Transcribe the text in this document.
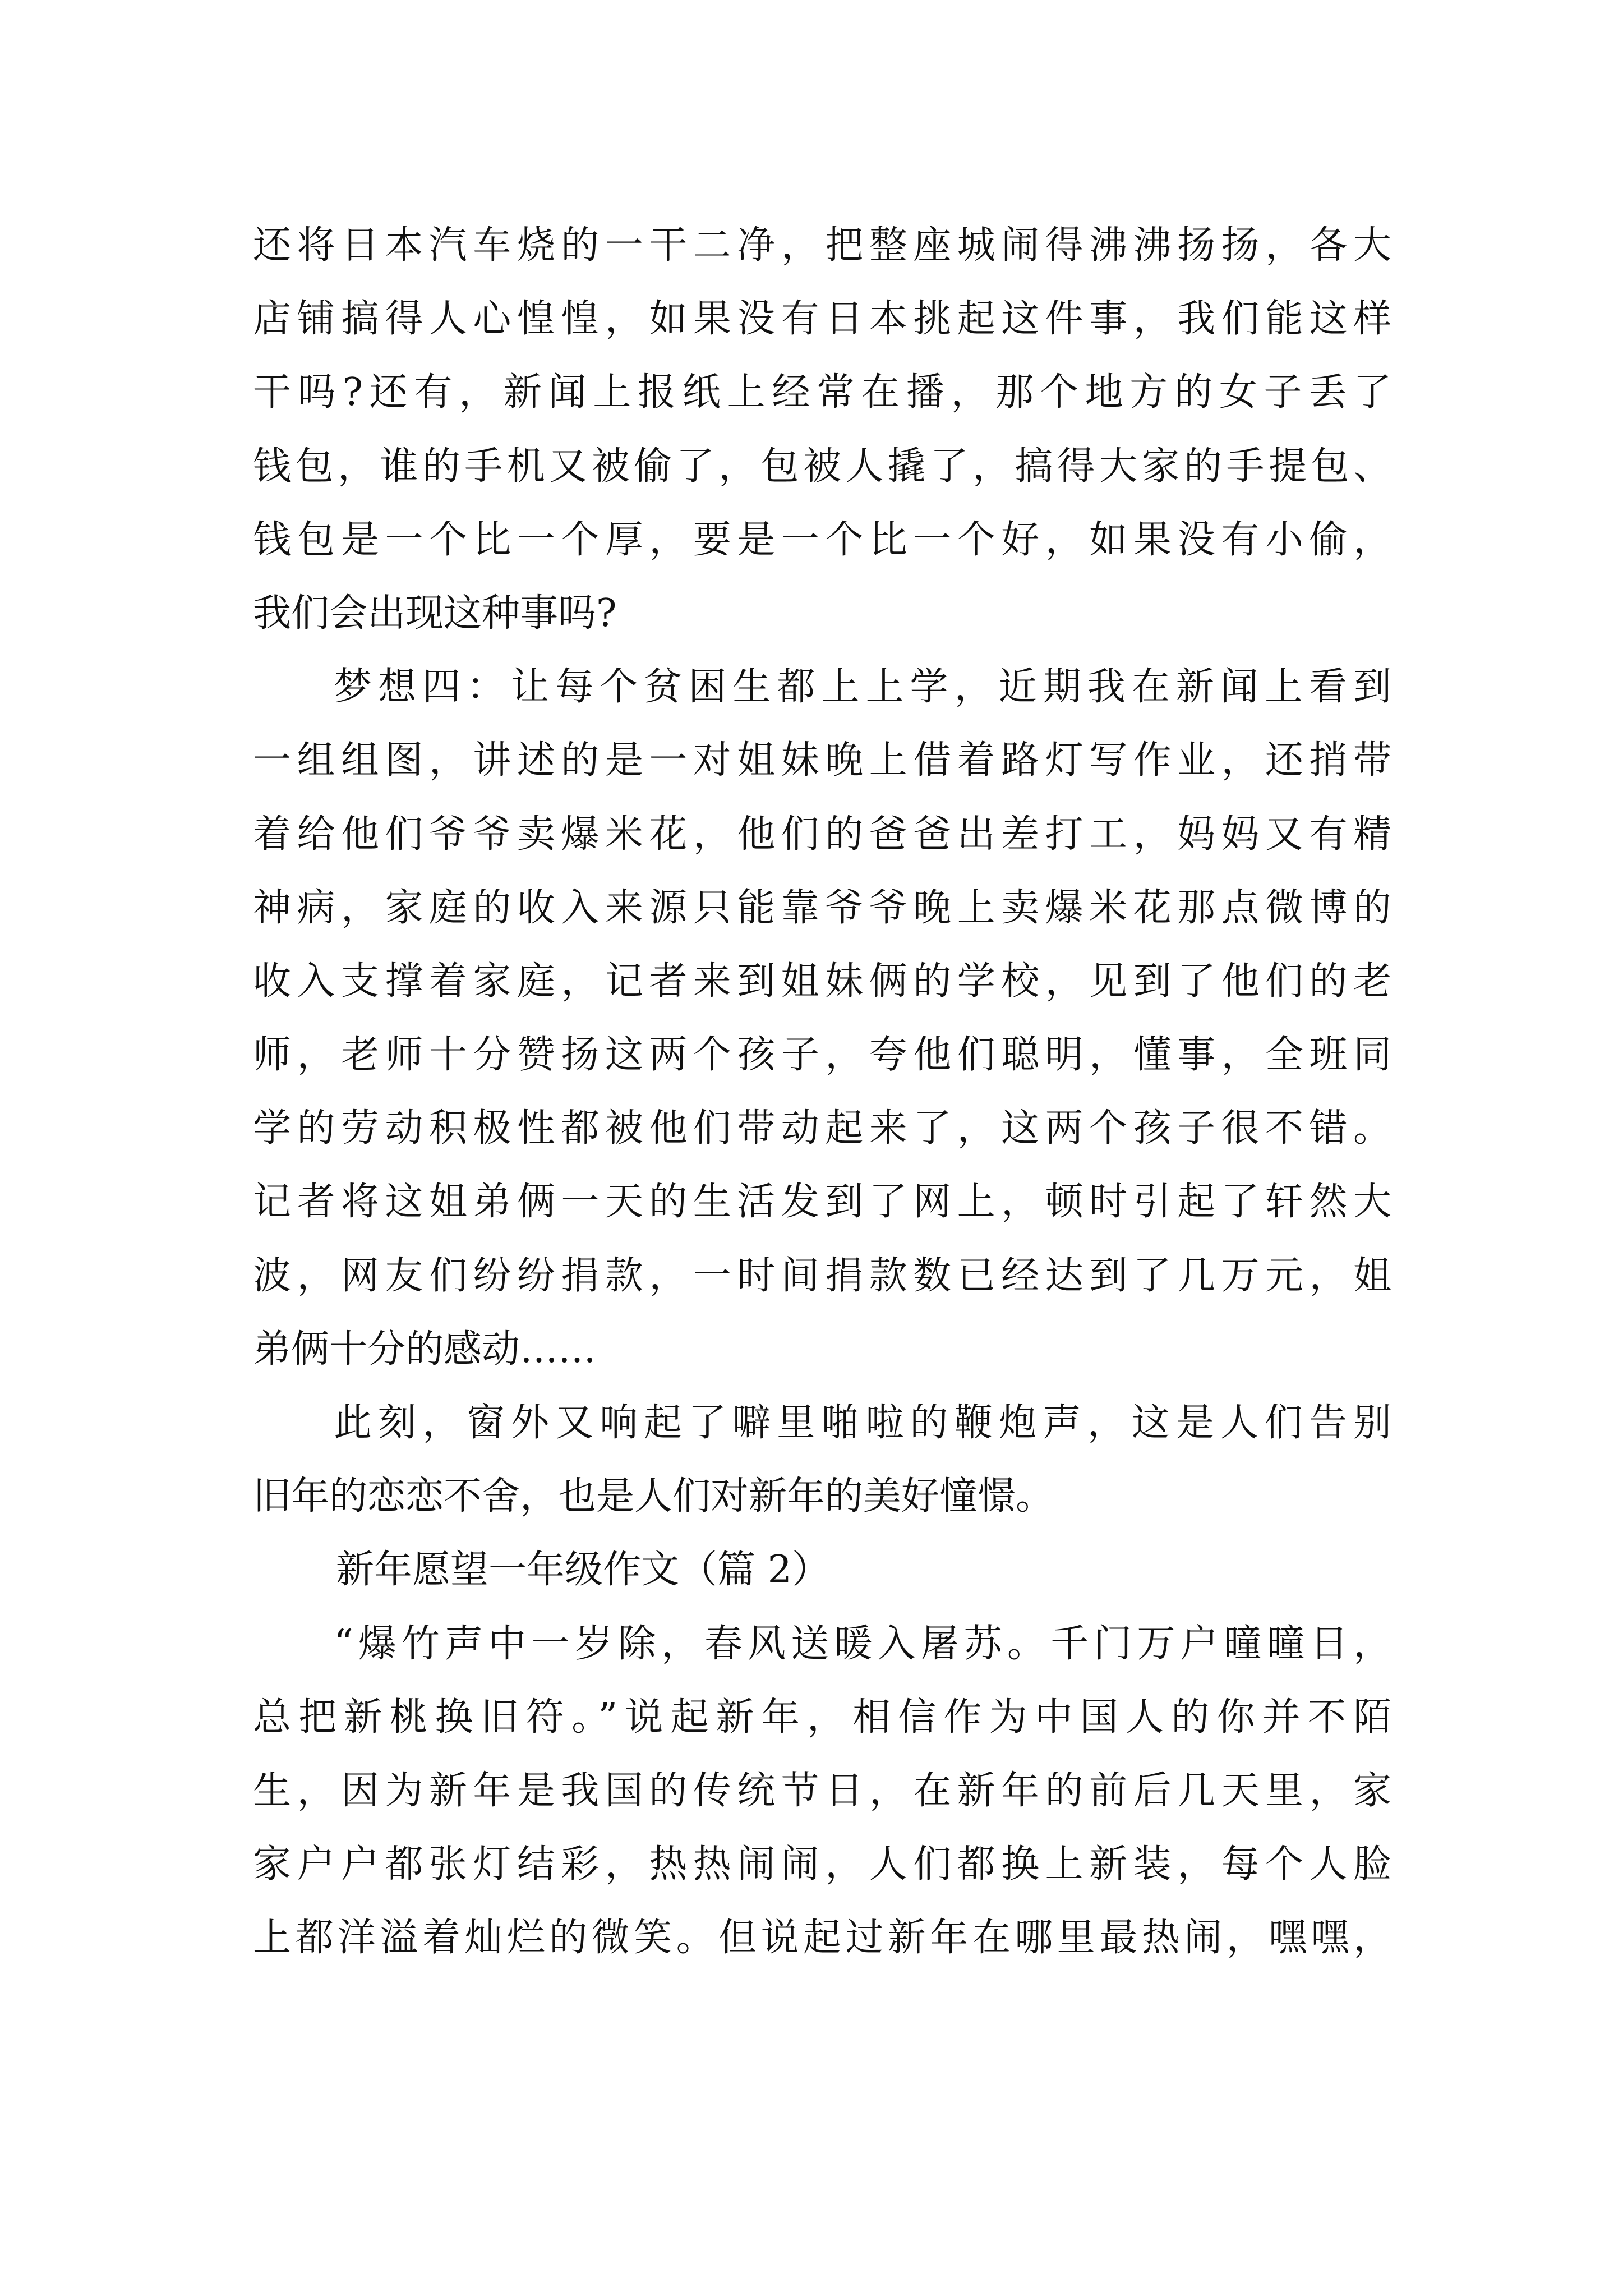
还将日本汽车烧的一干二净，把整座城闹得沸沸扬扬，各大
店铺搞得人心惶惶，如果没有日本挑起这件事，我们能这样
干吗?还有，新闻上报纸上经常在播，那个地方的女子丢了
钱包，谁的手机又被偷了，包被人撬了，搞得大家的手提包、
钱包是一个比一个厚，要是一个比一个好，如果没有小偷，
我们会出现这种事吗?
梦想四：让每个贫困生都上上学，近期我在新闻上看到
一组组图，讲述的是一对姐妹晚上借着路灯写作业，还捎带
着给他们爷爷卖爆米花，他们的爸爸出差打工，妈妈又有精
神病，家庭的收入来源只能靠爷爷晚上卖爆米花那点微博的
收入支撑着家庭，记者来到姐妹俩的学校，见到了他们的老
师，老师十分赞扬这两个孩子，夸他们聪明，懂事，全班同
学的劳动积极性都被他们带动起来了，这两个孩子很不错。
记者将这姐弟俩一天的生活发到了网上，顿时引起了轩然大
波，网友们纷纷捐款，一时间捐款数已经达到了几万元，姐
弟俩十分的感动……
此刻，窗外又响起了噼里啪啦的鞭炮声，这是人们告别
旧年的恋恋不舍，也是人们对新年的美好憧憬。
新年愿望一年级作文（篇 2）
“爆竹声中一岁除，春风送暖入屠苏。千门万户曈曈日，
总把新桃换旧符。”说起新年，相信作为中国人的你并不陌
生，因为新年是我国的传统节日，在新年的前后几天里，家
家户户都张灯结彩，热热闹闹，人们都换上新装，每个人脸
上都洋溢着灿烂的微笑。但说起过新年在哪里最热闹，嘿嘿，
